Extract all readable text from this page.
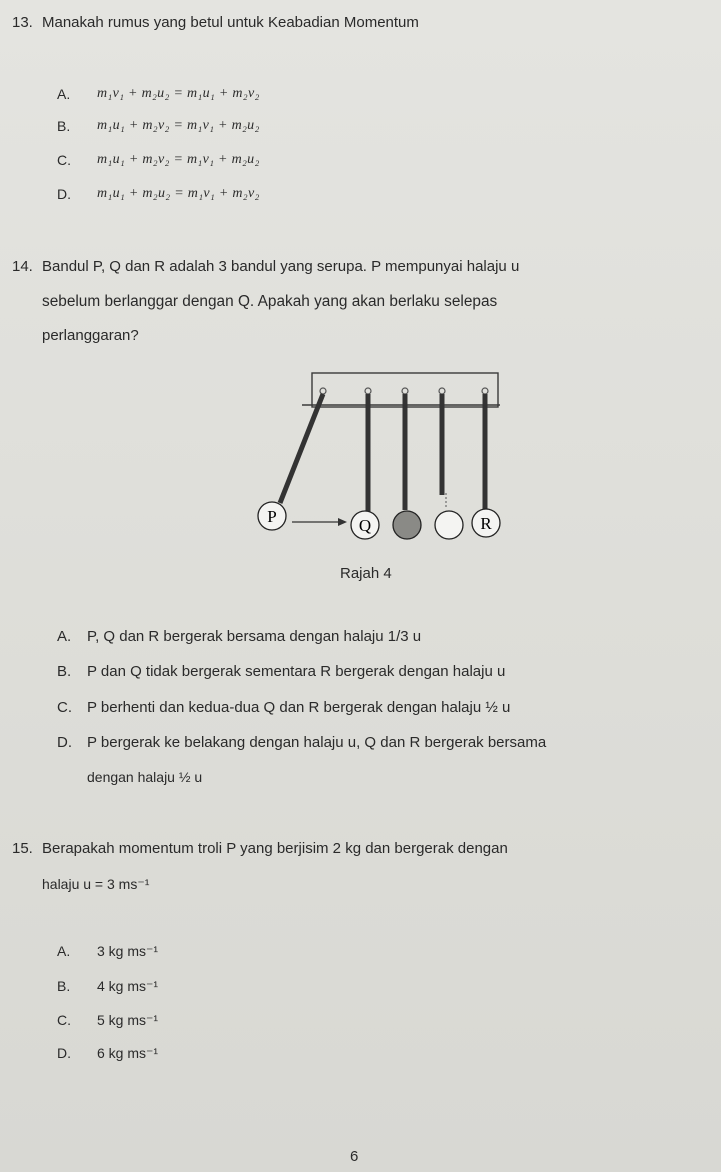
13. Manakah rumus yang betul untuk Keabadian Momentum
A. m₁v₁ + m₂u₂ = m₁u₁ + m₂v₂
B. m₁u₁ + m₂v₂ = m₁v₁ + m₂u₂
C. m₁u₁ + m₂v₂ = m₁v₁ + m₂u₂
D. m₁u₁ + m₂u₂ = m₁v₁ + m₂v₂
14. Bandul P, Q dan R adalah 3 bandul yang serupa. P mempunyai halaju u
sebelum berlanggar dengan Q. Apakah yang akan berlaku selepas
perlanggaran?
P	Q	R
Rajah 4
A. P, Q dan R bergerak bersama dengan halaju 1/3 u
B. P dan Q tidak bergerak sementara R bergerak dengan halaju u
C. P berhenti dan kedua-dua Q dan R bergerak dengan halaju ½ u
D. P bergerak ke belakang dengan halaju u, Q dan R bergerak bersama
dengan halaju ½ u
15. Berapakah momentum troli P yang berjisim 2 kg dan bergerak dengan
halaju u = 3 ms⁻¹
A. 3 kg ms⁻¹
B. 4 kg ms⁻¹
C. 5 kg ms⁻¹
D. 6 kg ms⁻¹
6
